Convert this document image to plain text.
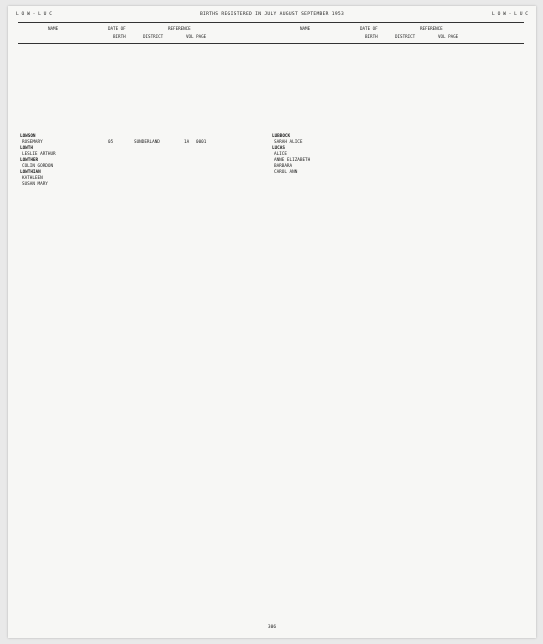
L O W - L U C	BIRTHS REGISTERED IN JULY AUGUST SEPTEMBER 1953	L O W - L U C
NAME	DATE OF	REFERENCE
BIRTH	DISTRICT	VOL PAGE
LOWSON
ROSEMARY	05	SUNDERLAND	1A 0001
LOWTH
LESLIE ARTHUR
LOWTHER
COLIN GORDON
LOWTHIAN
KATHLEEN
SUSAN MARY
NAME	DATE OF	REFERENCE
BIRTH	DISTRICT	VOL PAGE
LUBBOCK
SARAH ALICE
LUCAS
ALICE
ANNE ELIZABETH
BARBARA
CAROL ANN
306
